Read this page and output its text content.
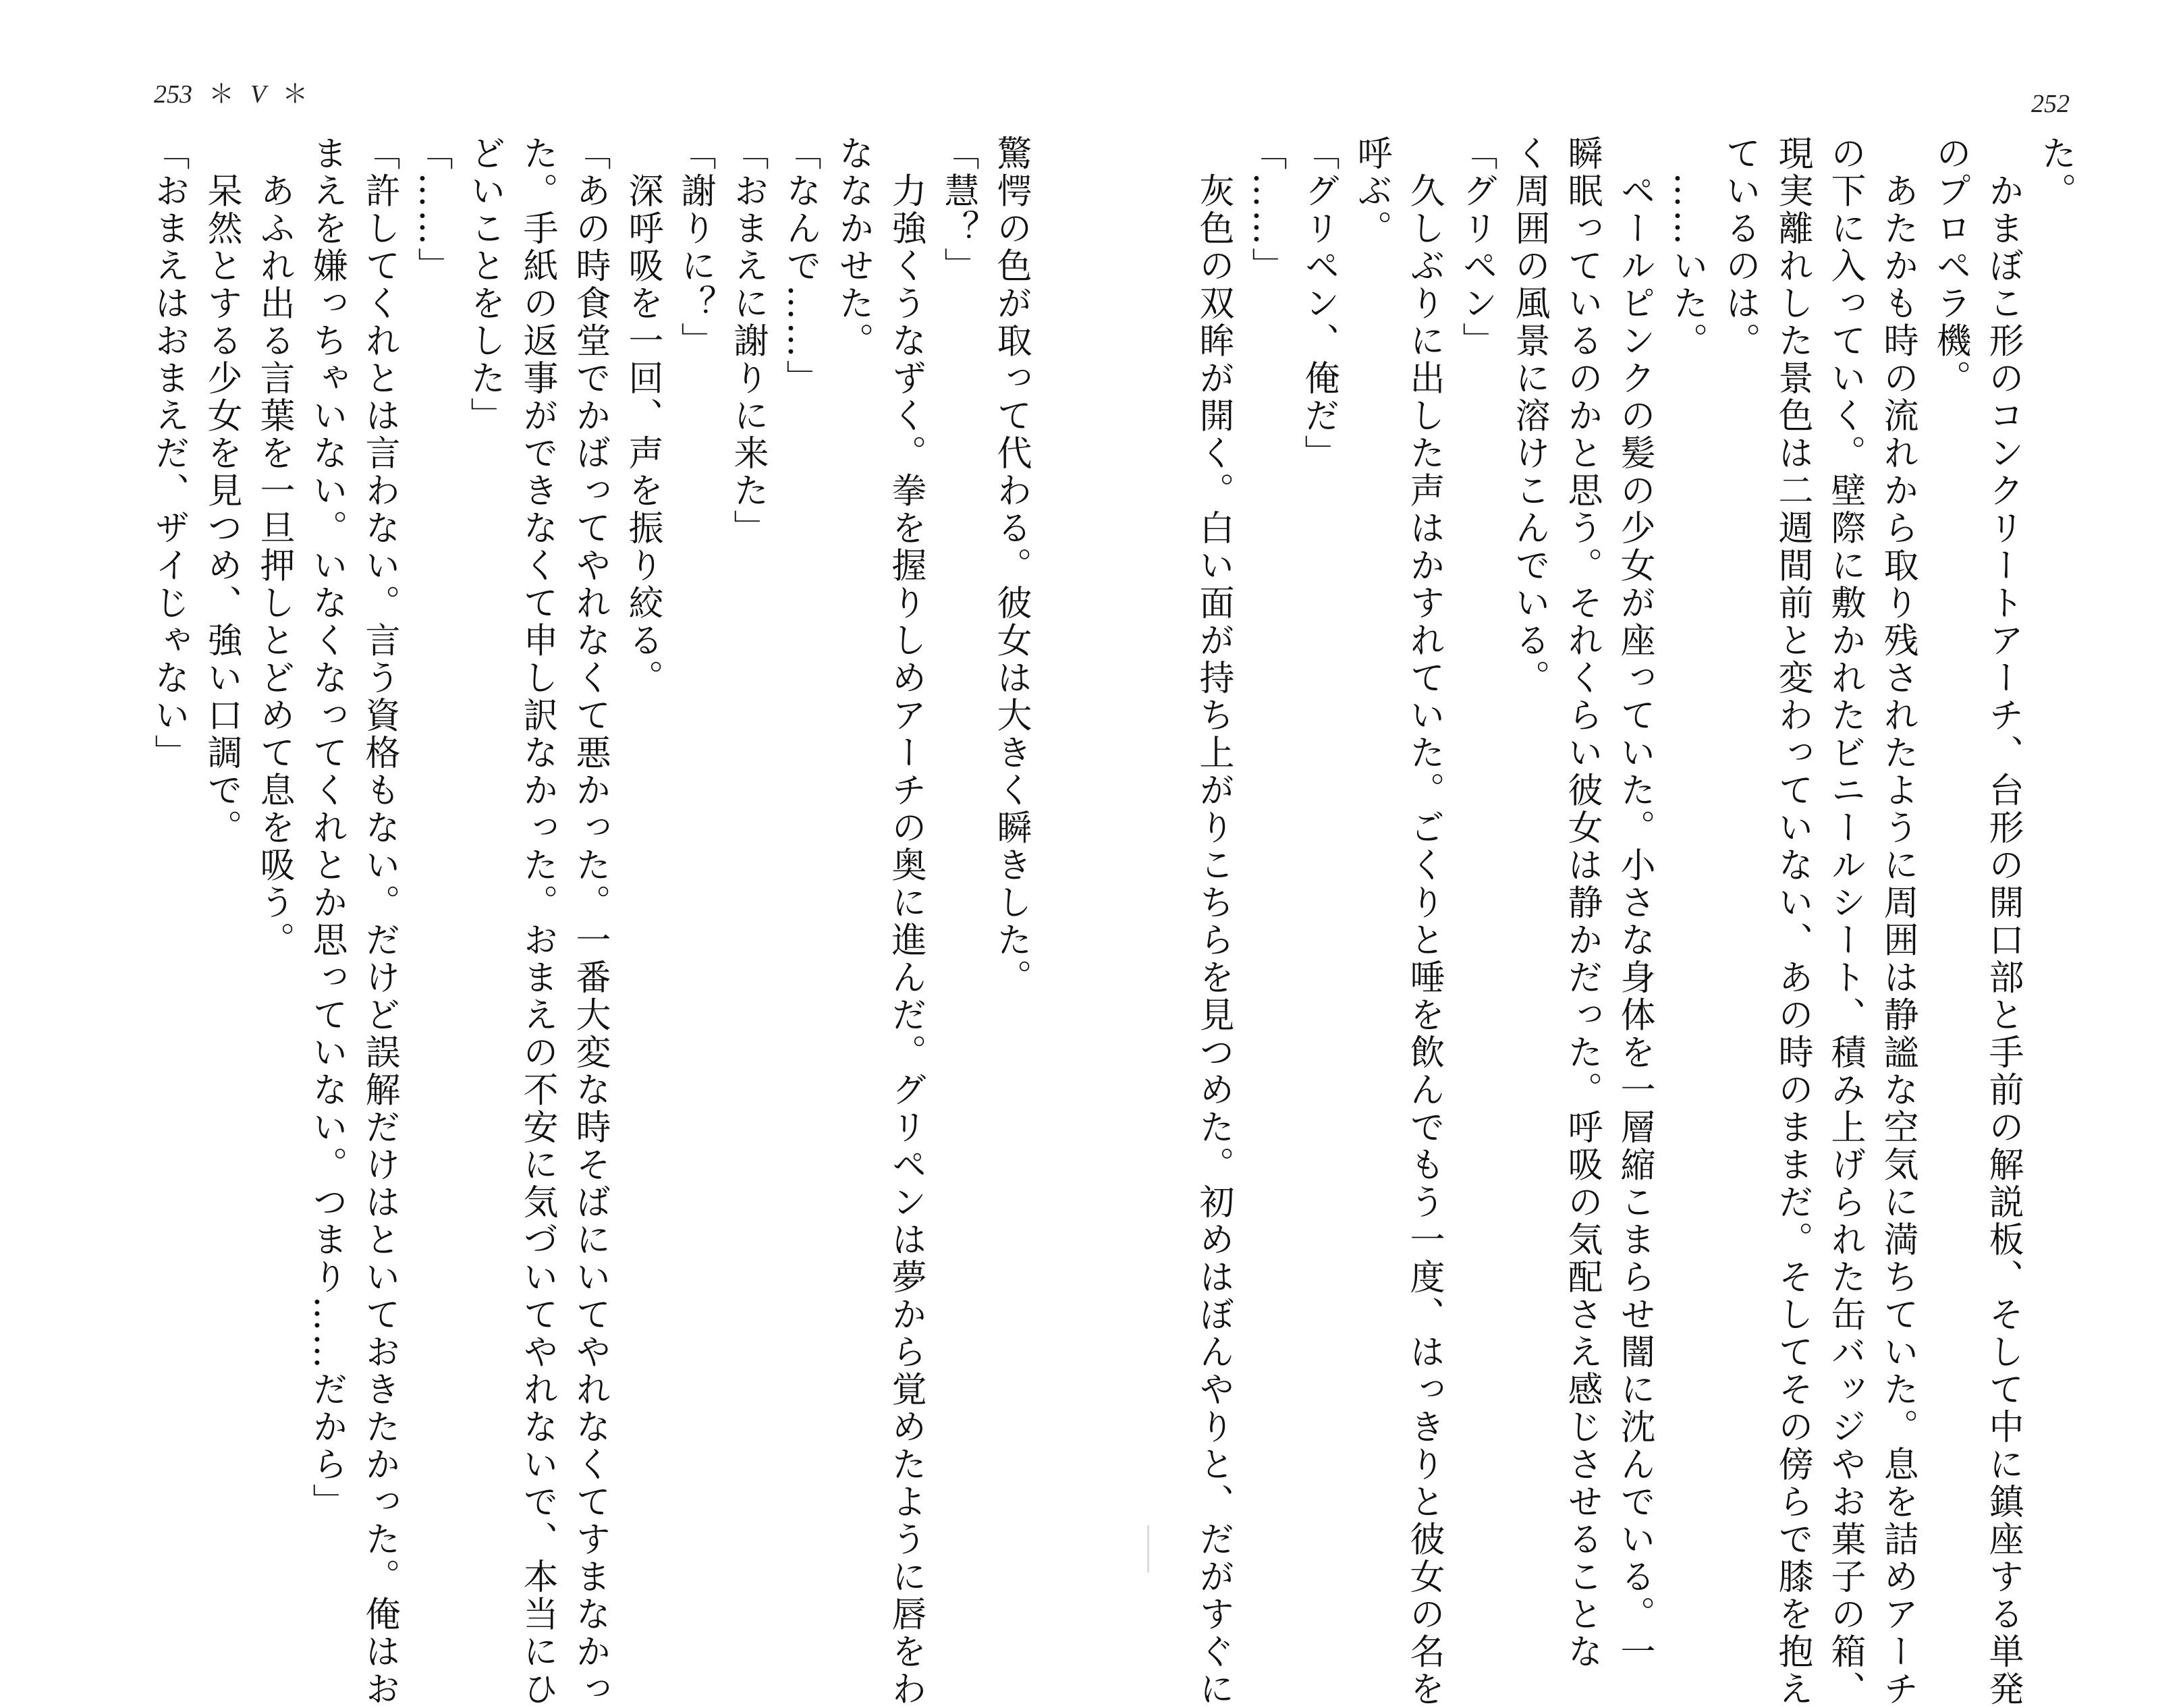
253 ＊ V ＊	252
た。
　かまぼこ形のコンクリートアーチ、台形の開口部と手前の解説板、そして中に鎮座する単発
のプロペラ機。
　あたかも時の流れから取り残されたように周囲は静謐な空気に満ちていた。息を詰めアーチ
の下に入っていく。壁際に敷かれたビニールシート、積み上げられた缶バッジやお菓子の箱、
現実離れした景色は二週間前と変わっていない、あの時のままだ。そしてその傍らで膝を抱え
ているのは。
　……いた。
　ペールピンクの髪の少女が座っていた。小さな身体を一層縮こまらせ闇に沈んでいる。一
瞬眠っているのかと思う。それくらい彼女は静かだった。呼吸の気配さえ感じさせることな
く周囲の風景に溶けこんでいる。
「グリペン」
　久しぶりに出した声はかすれていた。ごくりと唾を飲んでもう一度、はっきりと彼女の名を
呼ぶ。
「グリペン、俺だ」
「……」
　灰色の双眸が開く。白い面が持ち上がりこちらを見つめた。初めはぼんやりと、だがすぐに
驚愕の色が取って代わる。彼女は大きく瞬きした。
「慧？」
　力強くうなずく。拳を握りしめアーチの奥に進んだ。グリペンは夢から覚めたように唇をわ
ななかせた。
「なんで……」
「おまえに謝りに来た」
「謝りに？」
　深呼吸を一回、声を振り絞る。
「あの時食堂でかばってやれなくて悪かった。一番大変な時そばにいてやれなくてすまなかっ
た。手紙の返事ができなくて申し訳なかった。おまえの不安に気づいてやれないで、本当にひ
どいことをした」
「……」
「許してくれとは言わない。言う資格もない。だけど誤解だけはといておきたかった。俺はお
まえを嫌っちゃいない。いなくなってくれとか思っていない。つまり……だから」
　あふれ出る言葉を一旦押しとどめて息を吸う。
　呆然とする少女を見つめ、強い口調で。
「おまえはおまえだ、ザイじゃない」
